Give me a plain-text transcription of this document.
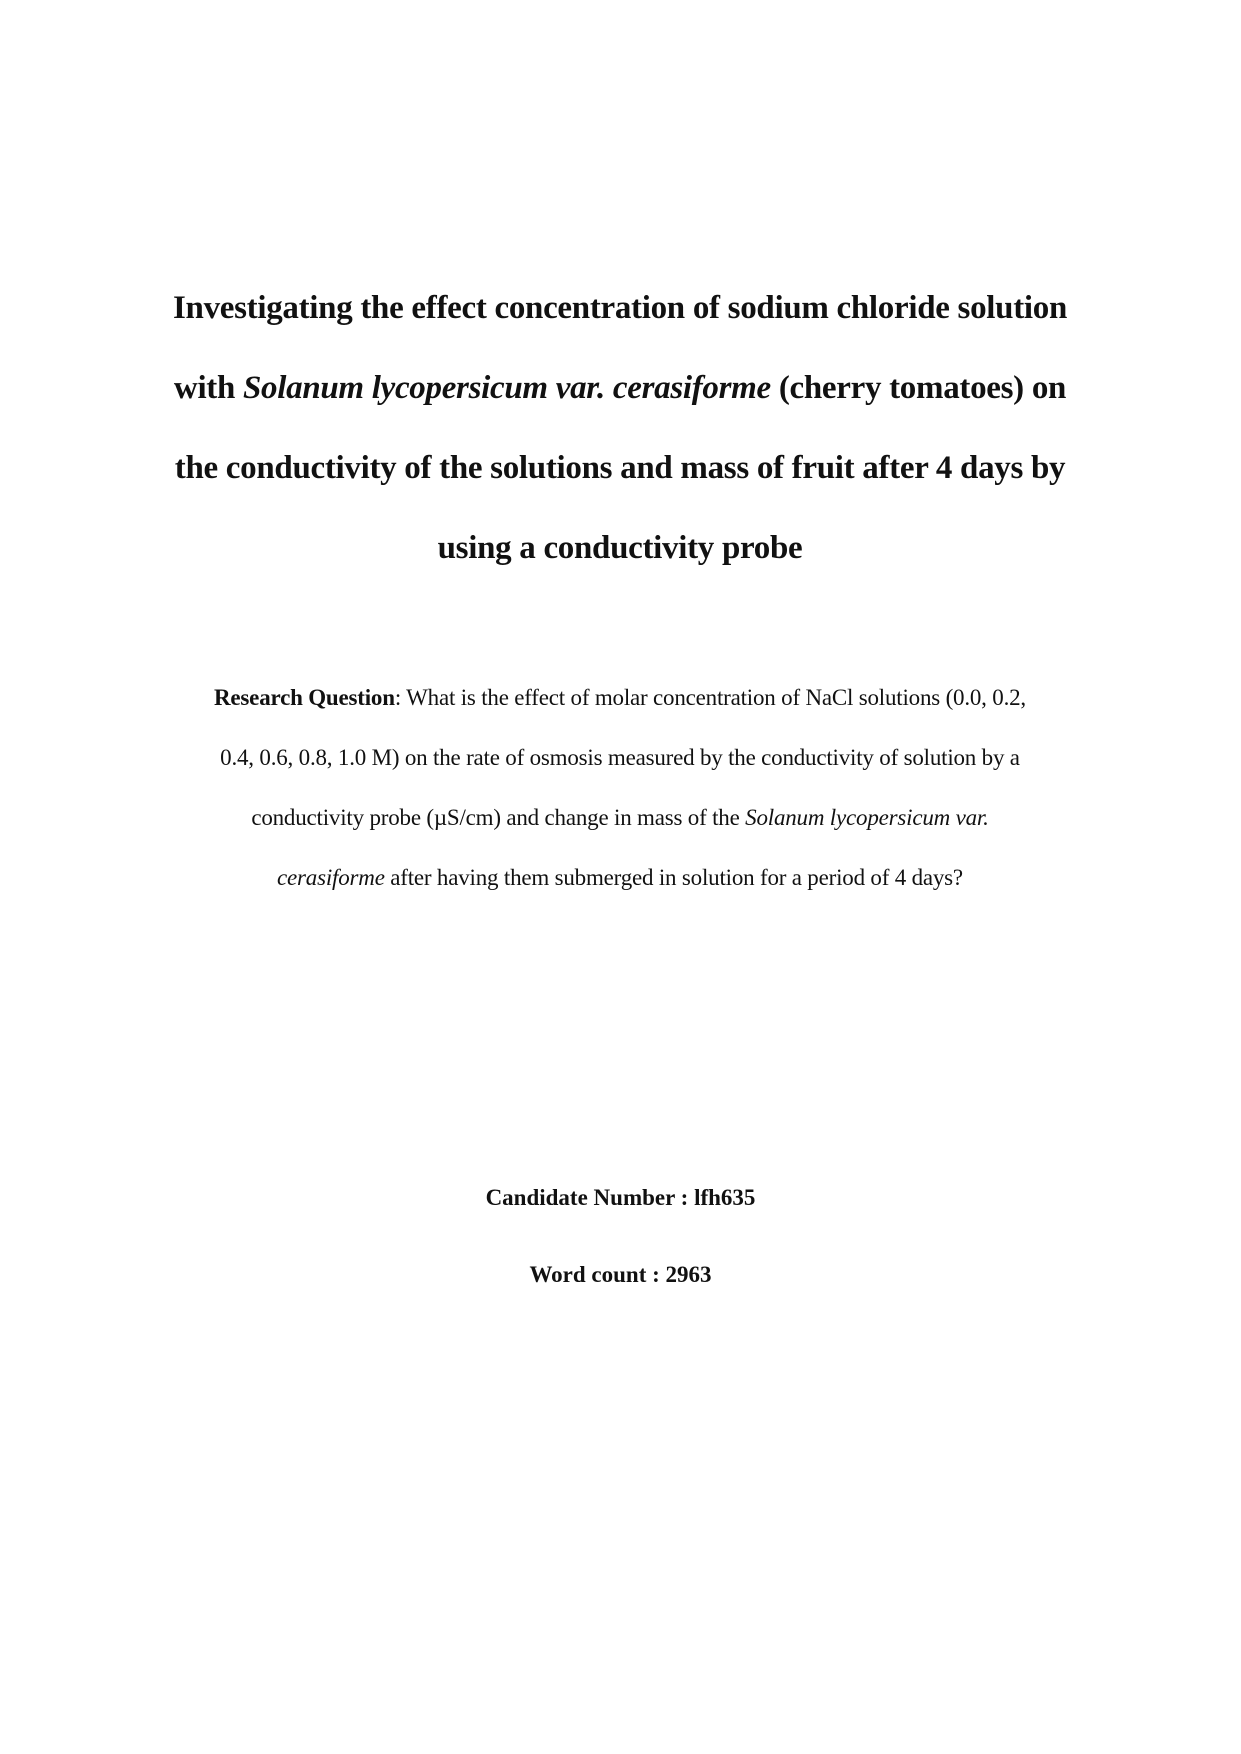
Investigating the effect concentration of sodium chloride solution
with Solanum lycopersicum var. cerasiforme (cherry tomatoes) on
the conductivity of the solutions and mass of fruit after 4 days by
using a conductivity probe
Research Question: What is the effect of molar concentration of NaCl solutions (0.0, 0.2,
0.4, 0.6, 0.8, 1.0 M) on the rate of osmosis measured by the conductivity of solution by a
conductivity probe (µS/cm) and change in mass of the Solanum lycopersicum var.
cerasiforme after having them submerged in solution for a period of 4 days?
Candidate Number : lfh635
Word count : 2963
